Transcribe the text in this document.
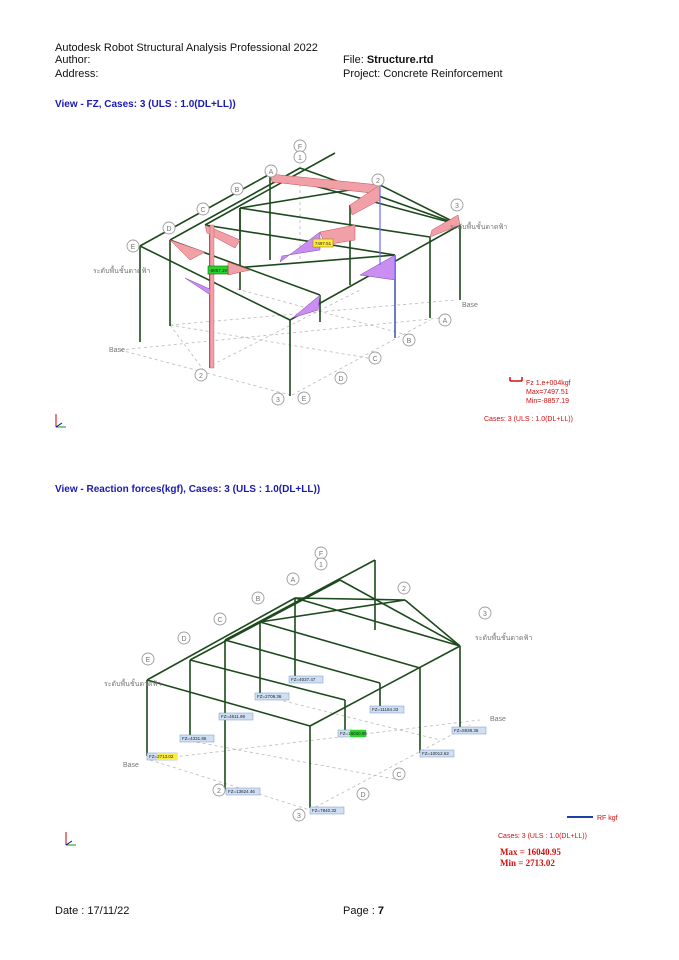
Autodesk Robot Structural Analysis Professional 2022
Author:
Address:
File: Structure.rtd
Project: Concrete Reinforcement
View - FZ, Cases: 3 (ULS : 1.0(DL+LL))
View - Reaction forces(kgf), Cases: 3 (ULS : 1.0(DL+LL))
-8857.19
7497.51
F
1
A
2
B
3
C
D
E
A
B
C
D
E
2
3
ระดับพื้นชั้นดาดฟ้า
ระดับพื้นชั้นดาดฟ้า
Base
Base
Fz 1.e+004kgf
Max=7497.51
Min=-8857.19
Cases: 3 (ULS : 1.0(DL+LL))
FZ=4037.47
FZ=2709.36
FZ=11184.33
FZ=4611.98
FZ=16040.95
FZ=5938.36
FZ=4331.86
FZ=10012.62
FZ=2713.02
FZ=13624.46
FZ=7840.32
F
1
A
2
B
3
C
D
E
2
3
D
C
ระดับพื้นชั้นดาดฟ้า
ระดับพื้นชั้นดาดฟ้า
Base
Base
RF kgf
Cases: 3 (ULS : 1.0(DL+LL))
Max = 16040.95
Min = 2713.02
Date : 17/11/22	Page : 7
